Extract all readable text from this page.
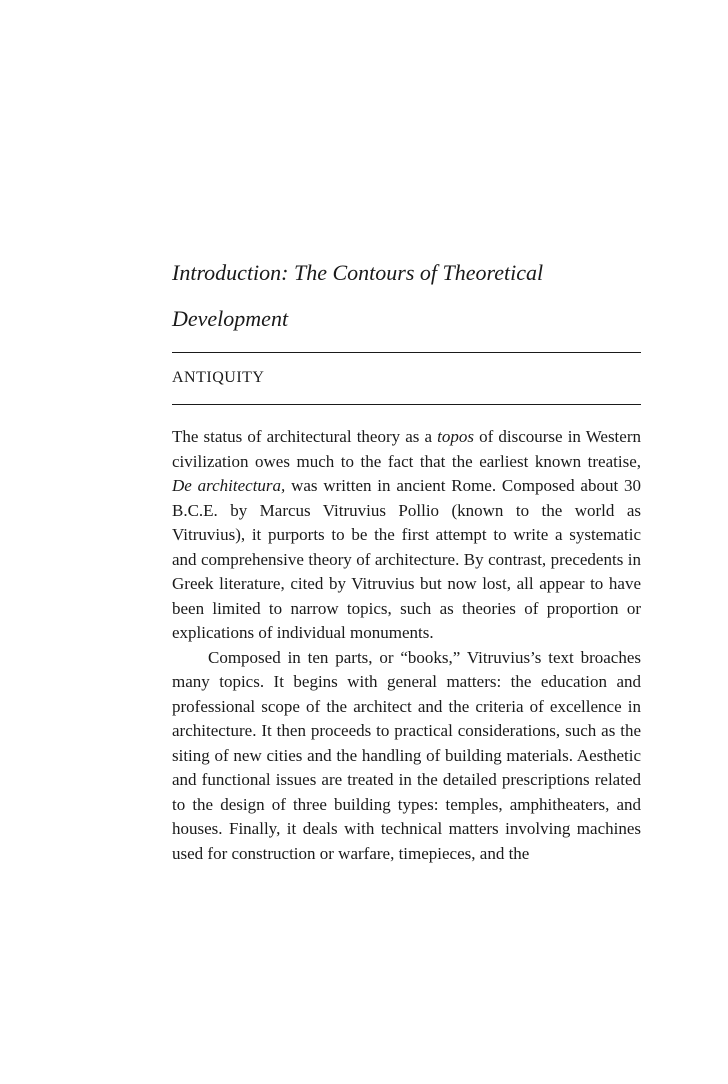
Introduction: The Contours of Theoretical Development
ANTIQUITY

The status of architectural theory as a topos of discourse in Western civilization owes much to the fact that the earliest known treatise, De architectura, was written in ancient Rome. Composed about 30 B.C.E. by Marcus Vitruvius Pollio (known to the world as Vitruvius), it purports to be the first attempt to write a systematic and comprehensive theory of architecture. By contrast, precedents in Greek literature, cited by Vitruvius but now lost, all appear to have been limited to narrow topics, such as theories of proportion or explications of individual monuments.

Composed in ten parts, or “books,” Vitruvius’s text broaches many topics. It begins with general matters: the education and professional scope of the architect and the criteria of excellence in architecture. It then proceeds to practical considerations, such as the siting of new cities and the handling of building materials. Aesthetic and functional issues are treated in the detailed prescriptions related to the design of three building types: temples, amphitheaters, and houses. Finally, it deals with technical matters involving machines used for construction or warfare, timepieces, and the
